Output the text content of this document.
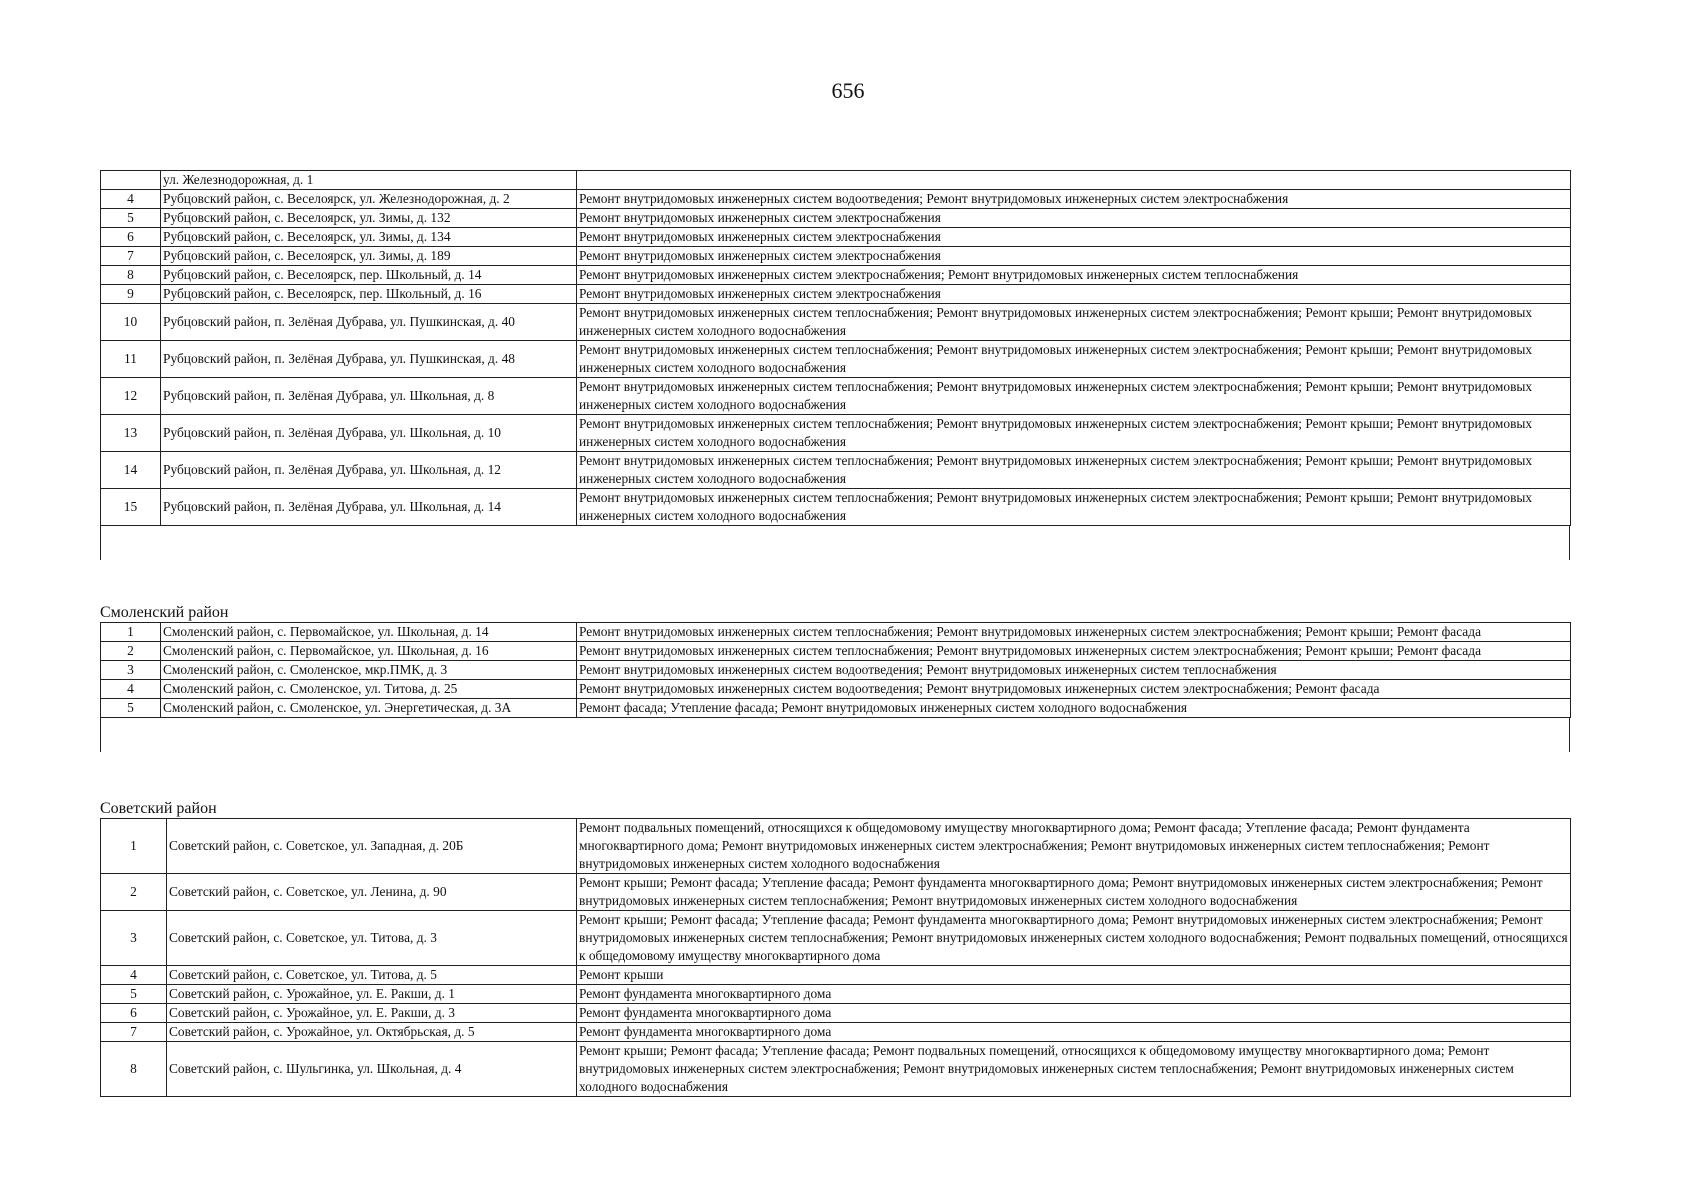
656
	ул. Железнодорожная, д. 1	
4	Рубцовский район, с. Веселоярск, ул. Железнодорожная, д. 2	Ремонт внутридомовых инженерных систем водоотведения; Ремонт внутридомовых инженерных систем электроснабжения
5	Рубцовский район, с. Веселоярск, ул. Зимы, д. 132	Ремонт внутридомовых инженерных систем электроснабжения
6	Рубцовский район, с. Веселоярск, ул. Зимы, д. 134	Ремонт внутридомовых инженерных систем электроснабжения
7	Рубцовский район, с. Веселоярск, ул. Зимы, д. 189	Ремонт внутридомовых инженерных систем электроснабжения
8	Рубцовский район, с. Веселоярск, пер. Школьный, д. 14	Ремонт внутридомовых инженерных систем электроснабжения; Ремонт внутридомовых инженерных систем теплоснабжения
9	Рубцовский район, с. Веселоярск, пер. Школьный, д. 16	Ремонт внутридомовых инженерных систем электроснабжения
10	Рубцовский район, п. Зелёная Дубрава, ул. Пушкинская, д. 40	Ремонт внутридомовых инженерных систем теплоснабжения; Ремонт внутридомовых инженерных систем электроснабжения; Ремонт крыши; Ремонт внутридомовых инженерных систем холодного водоснабжения
11	Рубцовский район, п. Зелёная Дубрава, ул. Пушкинская, д. 48	Ремонт внутридомовых инженерных систем теплоснабжения; Ремонт внутридомовых инженерных систем электроснабжения; Ремонт крыши; Ремонт внутридомовых инженерных систем холодного водоснабжения
12	Рубцовский район, п. Зелёная Дубрава, ул. Школьная, д. 8	Ремонт внутридомовых инженерных систем теплоснабжения; Ремонт внутридомовых инженерных систем электроснабжения; Ремонт крыши; Ремонт внутридомовых инженерных систем холодного водоснабжения
13	Рубцовский район, п. Зелёная Дубрава, ул. Школьная, д. 10	Ремонт внутридомовых инженерных систем теплоснабжения; Ремонт внутридомовых инженерных систем электроснабжения; Ремонт крыши; Ремонт внутридомовых инженерных систем холодного водоснабжения
14	Рубцовский район, п. Зелёная Дубрава, ул. Школьная, д. 12	Ремонт внутридомовых инженерных систем теплоснабжения; Ремонт внутридомовых инженерных систем электроснабжения; Ремонт крыши; Ремонт внутридомовых инженерных систем холодного водоснабжения
15	Рубцовский район, п. Зелёная Дубрава, ул. Школьная, д. 14	Ремонт внутридомовых инженерных систем теплоснабжения; Ремонт внутридомовых инженерных систем электроснабжения; Ремонт крыши; Ремонт внутридомовых инженерных систем холодного водоснабжения
Смоленский район
1	Смоленский район, с. Первомайское, ул. Школьная, д. 14	Ремонт внутридомовых инженерных систем теплоснабжения; Ремонт внутридомовых инженерных систем электроснабжения; Ремонт крыши; Ремонт фасада
2	Смоленский район, с. Первомайское, ул. Школьная, д. 16	Ремонт внутридомовых инженерных систем теплоснабжения; Ремонт внутридомовых инженерных систем электроснабжения; Ремонт крыши; Ремонт фасада
3	Смоленский район, с. Смоленское, мкр.ПМК, д. 3	Ремонт внутридомовых инженерных систем водоотведения; Ремонт внутридомовых инженерных систем теплоснабжения
4	Смоленский район, с. Смоленское, ул. Титова, д. 25	Ремонт внутридомовых инженерных систем водоотведения; Ремонт внутридомовых инженерных систем электроснабжения; Ремонт фасада
5	Смоленский район, с. Смоленское, ул. Энергетическая, д. 3А	Ремонт фасада; Утепление фасада; Ремонт внутридомовых инженерных систем холодного водоснабжения
Советский район
1	Советский район, с. Советское, ул. Западная, д. 20Б	Ремонт подвальных помещений, относящихся к общедомовому имуществу многоквартирного дома; Ремонт фасада; Утепление фасада; Ремонт фундамента многоквартирного дома; Ремонт внутридомовых инженерных систем электроснабжения; Ремонт внутридомовых инженерных систем теплоснабжения; Ремонт внутридомовых инженерных систем холодного водоснабжения
2	Советский район, с. Советское, ул. Ленина, д. 90	Ремонт крыши; Ремонт фасада; Утепление фасада; Ремонт фундамента многоквартирного дома; Ремонт внутридомовых инженерных систем электроснабжения; Ремонт внутридомовых инженерных систем теплоснабжения; Ремонт внутридомовых инженерных систем холодного водоснабжения
3	Советский район, с. Советское, ул. Титова, д. 3	Ремонт крыши; Ремонт фасада; Утепление фасада; Ремонт фундамента многоквартирного дома; Ремонт внутридомовых инженерных систем электроснабжения; Ремонт внутридомовых инженерных систем теплоснабжения; Ремонт внутридомовых инженерных систем холодного водоснабжения; Ремонт подвальных помещений, относящихся к общедомовому имуществу многоквартирного дома
4	Советский район, с. Советское, ул. Титова, д. 5	Ремонт крыши
5	Советский район, с. Урожайное, ул. Е. Ракши, д. 1	Ремонт фундамента многоквартирного дома
6	Советский район, с. Урожайное, ул. Е. Ракши, д. 3	Ремонт фундамента многоквартирного дома
7	Советский район, с. Урожайное, ул. Октябрьская, д. 5	Ремонт фундамента многоквартирного дома
8	Советский район, с. Шульгинка, ул. Школьная, д. 4	Ремонт крыши; Ремонт фасада; Утепление фасада; Ремонт подвальных помещений, относящихся к общедомовому имуществу многоквартирного дома; Ремонт внутридомовых инженерных систем электроснабжения; Ремонт внутридомовых инженерных систем теплоснабжения; Ремонт внутридомовых инженерных систем холодного водоснабжения
